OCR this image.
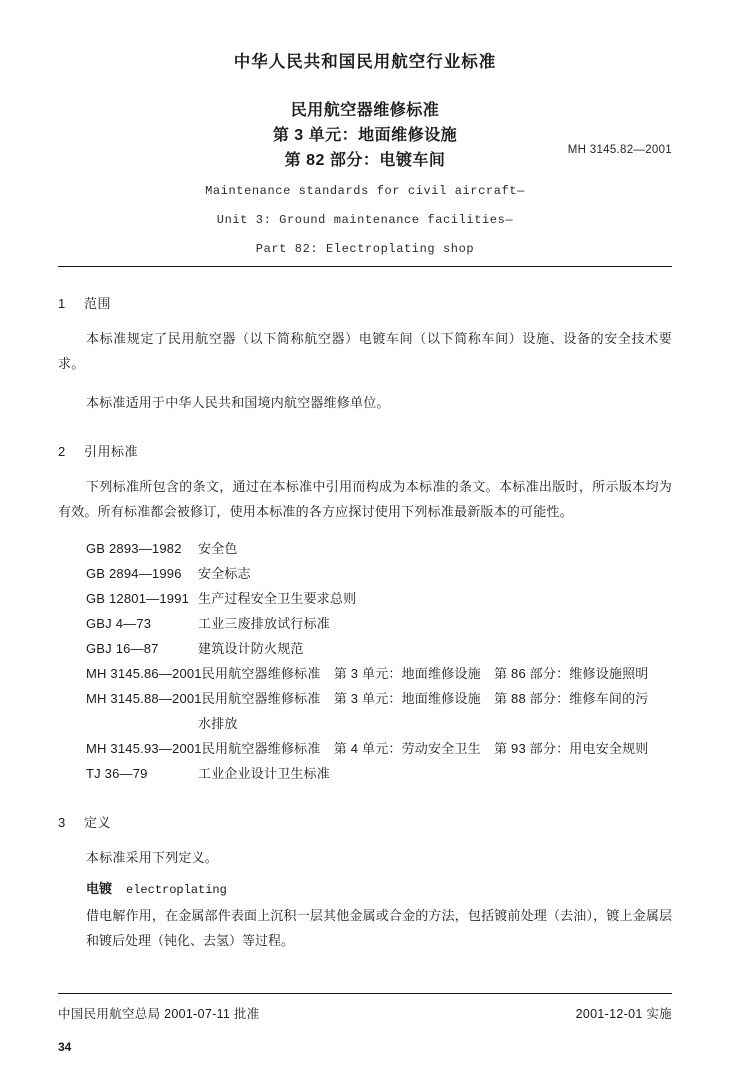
中华人民共和国民用航空行业标准
民用航空器维修标准
第 3 单元：地面维修设施
第 82 部分：电镀车间
MH 3145.82—2001
Maintenance standards for civil aircraft—
Unit 3: Ground maintenance facilities—
Part 82: Electroplating shop
1 范围

本标准规定了民用航空器（以下简称航空器）电镀车间（以下简称车间）设施、设备的安全技术要求。

本标准适用于中华人民共和国境内航空器维修单位。

2 引用标准

下列标准所包含的条文，通过在本标准中引用而构成为本标准的条文。本标准出版时，所示版本均为有效。所有标准都会被修订，使用本标准的各方应探讨使用下列标准最新版本的可能性。

GB 2893—1982 安全色
GB 2894—1996 安全标志
GB 12801—1991 生产过程安全卫生要求总则
GBJ 4—73	工业三废排放试行标准
GBJ 16—87	建筑设计防火规范
MH 3145.86—2001民用航空器维修标准　第 3 单元：地面维修设施　第 86 部分：维修设施照明
MH 3145.88—2001民用航空器维修标准　第 3 单元：地面维修设施　第 88 部分：维修车间的污
水排放
MH 3145.93—2001民用航空器维修标准　第 4 单元：劳动安全卫生　第 93 部分：用电安全规则
TJ 36—79	工业企业设计卫生标准
3 定义

本标准采用下列定义。

电镀 electroplating

借电解作用，在金属部件表面上沉积一层其他金属或合金的方法，包括镀前处理（去油），镀上金属层和镀后处理（钝化、去氢）等过程。

中国民用航空总局 2001-07-11 批准	2001-12-01 实施
34
